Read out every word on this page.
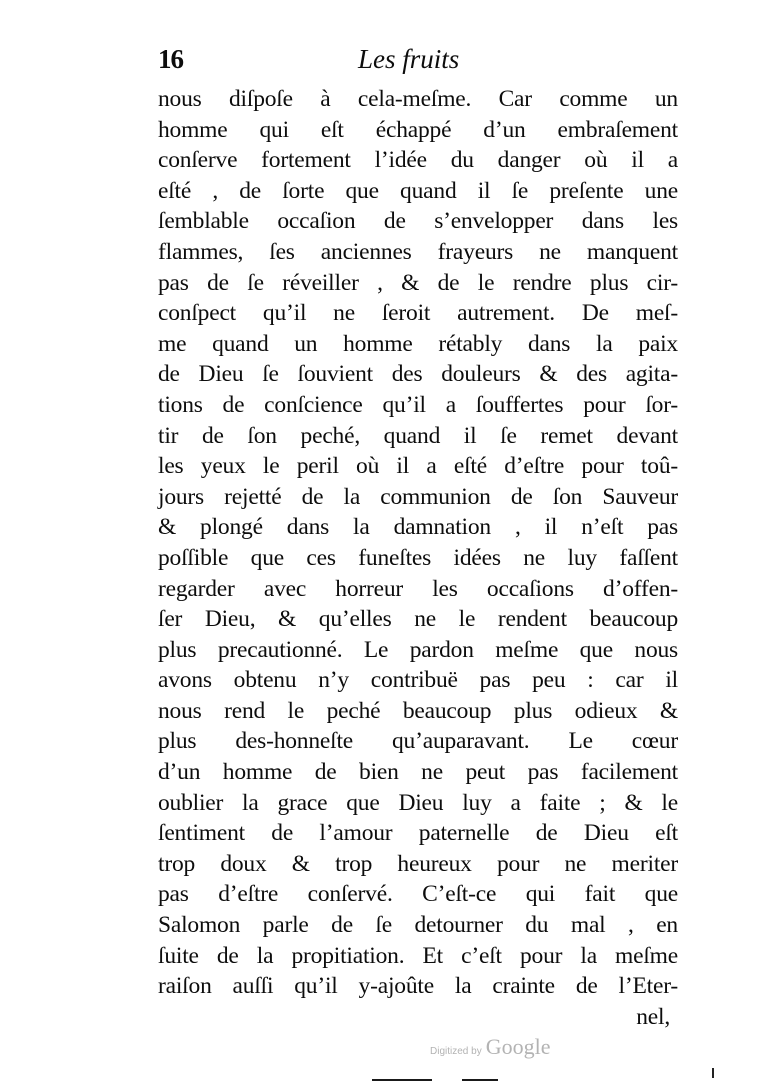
16	Les fruits
nous diſpoſe à cela-meſme. Car comme un
homme qui eſt échappé d’un embraſement
conſerve fortement l’idée du danger où il a
eſté , de ſorte que quand il ſe preſente une
ſemblable occaſion de s’envelopper dans les
flammes, ſes anciennes frayeurs ne manquent
pas de ſe réveiller , & de le rendre plus cir-
conſpect qu’il ne ſeroit autrement. De meſ-
me quand un homme rétably dans la paix
de Dieu ſe ſouvient des douleurs & des agita-
tions de conſcience qu’il a ſouffertes pour ſor-
tir de ſon peché, quand il ſe remet devant
les yeux le peril où il a eſté d’eſtre pour toû-
jours rejetté de la communion de ſon Sauveur
& plongé dans la damnation , il n’eſt pas
poſſible que ces funeſtes idées ne luy faſſent
regarder avec horreur les occaſions d’offen-
ſer Dieu, & qu’elles ne le rendent beaucoup
plus precautionné. Le pardon meſme que nous
avons obtenu n’y contribuë pas peu : car il
nous rend le peché beaucoup plus odieux &
plus des-honneſte qu’auparavant. Le cœur
d’un homme de bien ne peut pas facilement
oublier la grace que Dieu luy a faite ; & le
ſentiment de l’amour paternelle de Dieu eſt
trop doux & trop heureux pour ne meriter
pas d’eſtre conſervé. C’eſt-ce qui fait que
Salomon parle de ſe detourner du mal , en
ſuite de la propitiation. Et c’eſt pour la meſme
raiſon auſſi qu’il y-ajoûte la crainte de l’Eter-
nel,
Digitized by Google
